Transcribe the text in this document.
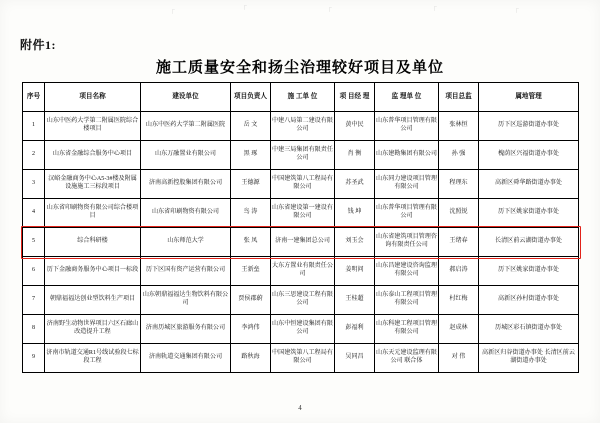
「	「	「	「	「
附件1:
施工质量安全和扬尘治理较好项目及单位
序号	项目名称	建设单位	项目负责人	施 工单 位	项 目经 理	监 理单 位	项目总监	属地管理
1	山东中医药大学第二附属医院综合楼项目	山东中医药大学第二附属医院	岳 文	中建八局第二建设有限公司	黄中民	山东普华项目管理有限公司	张林恒	历下区巡游街道办事处
2	山东省金融综合服务中心项目	山东万融置业有限公司	黑 琢	中建三局集团有限责任公司	肖 衡	山东建勘集团有限公司	孙 强	槐荫区兴福街道办事处
3	汉峪金融商务中心A5-3#楼及附属设施施工三标段项目	济南高新控股集团有限公司	王德源	中国建筑第八工程局有限公司	苏圣武	山东同力建设项目管理有限公司	程理东	高新区舜华路街道办事处
4	山东省印刷物资有限公司综合楼项目	山东省印刷物资有限公司	鸟 涛	山东省建设第一建设有限公司	钱 坤	山东普华项目管理有限公司	沈照锐	历下区姚家街道办事处
5	综合科研楼	山东师范大学	张 凤	济南一建集团总公司	刘玉会	山东省建筑项目管理咨询有限责任公司	王绪春	长清区前云湖街道办事处
6	历下金融商务服务中心项目一标段	历下区国有资产运营有限公司	王新垒	大东方置业有限责任公司	姜明问	山东昌建建设咨询监理有限公司	郝启涛	历下区姚家街道办事处
7	朝鼎福福达创业型饮料生产项目	山东朝鼎福福达生物饮料有限公司	贾侯郡蔚	山东三思建设工程有限公司	王桂超	山东泰山工程项目管理有限公司	村红梅	高新区孙村街道办事处
8	济南野生动物世界项目六区石廊山改造提升工程	济南历城区旅游服务有限公司	李鸿伟	山东中恒建设集团有限公司	彭福利	山东科建工程项目管理有限公司	赵成林	历城区彩石镇街道办事处
9	济南市轨道交通R1号线试验段七标段工程	济南轨道交通集团有限公司	路秋海	中国建筑第八工程局有限公司	吴同昌	山东天元建设监理有限公司 联合体	对 伟	高新区归谷街道办事处 长清区前云湖街道办事处
4
